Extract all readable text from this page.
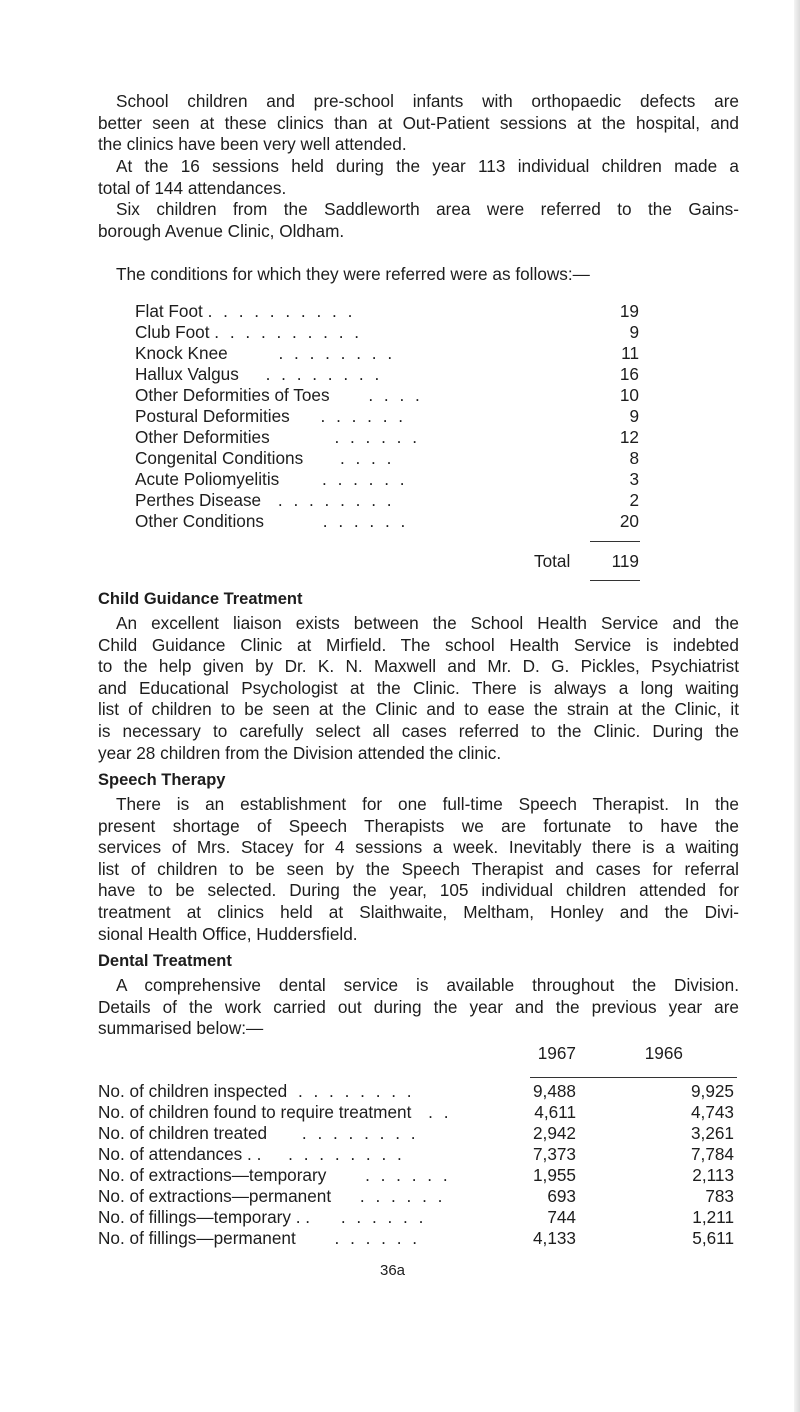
School children and pre-school infants with orthopaedic defects are
better seen at these clinics than at Out-Patient sessions at the hospital, and
the clinics have been very well attended.

At the 16 sessions held during the year 113 individual children made a
total of 144 attendances.

Six children from the Saddleworth area were referred to the Gains-
borough Avenue Clinic, Oldham.

The conditions for which they were referred were as follows:—

Flat Foot . . . . . . . . . .	19
Club Foot . . . . . . . . . .	9
Knock Knee	. . . . . . . .	11
Hallux Valgus . . . . . . . .	16
Other Deformities of Toes . . . .	10
Postural Deformities . . . . . .	9
Other Deformities	. . . . . .	12
Congenital Conditions . . . .	8
Acute Poliomyelitis . . . . . .	3
Perthes Disease . . . . . . . .	2
Other Conditions	. . . . . .	20
Total 119

Child Guidance Treatment

An excellent liaison exists between the School Health Service and the
Child Guidance Clinic at Mirfield. The school Health Service is indebted
to the help given by Dr. K. N. Maxwell and Mr. D. G. Pickles, Psychiatrist
and Educational Psychologist at the Clinic. There is always a long waiting
list of children to be seen at the Clinic and to ease the strain at the Clinic, it
is necessary to carefully select all cases referred to the Clinic. During the
year 28 children from the Division attended the clinic.

Speech Therapy

There is an establishment for one full-time Speech Therapist. In the
present shortage of Speech Therapists we are fortunate to have the
services of Mrs. Stacey for 4 sessions a week. Inevitably there is a waiting
list of children to be seen by the Speech Therapist and cases for referral
have to be selected. During the year, 105 individual children attended for
treatment at clinics held at Slaithwaite, Meltham, Honley and the Divi-
sional Health Office, Huddersfield.

Dental Treatment

A comprehensive dental service is available throughout the Division.
Details of the work carried out during the year and the previous year are
summarised below:—

1967	1966
No. of children inspected . . . . . . . .	9,488	9,925
No. of children found to require treatment . .	4,611	4,743
No. of children treated . . . . . . . .	2,942	3,261
No. of attendances . . . . . . . . . .	7,373	7,784
No. of extractions—temporary . . . . . .	1,955	2,113
No. of extractions—permanent . . . . . .	693	783
No. of fillings—temporary . . . . . . . .	744	1,211
No. of fillings—permanent . . . . . .	4,133	5,611
36a
